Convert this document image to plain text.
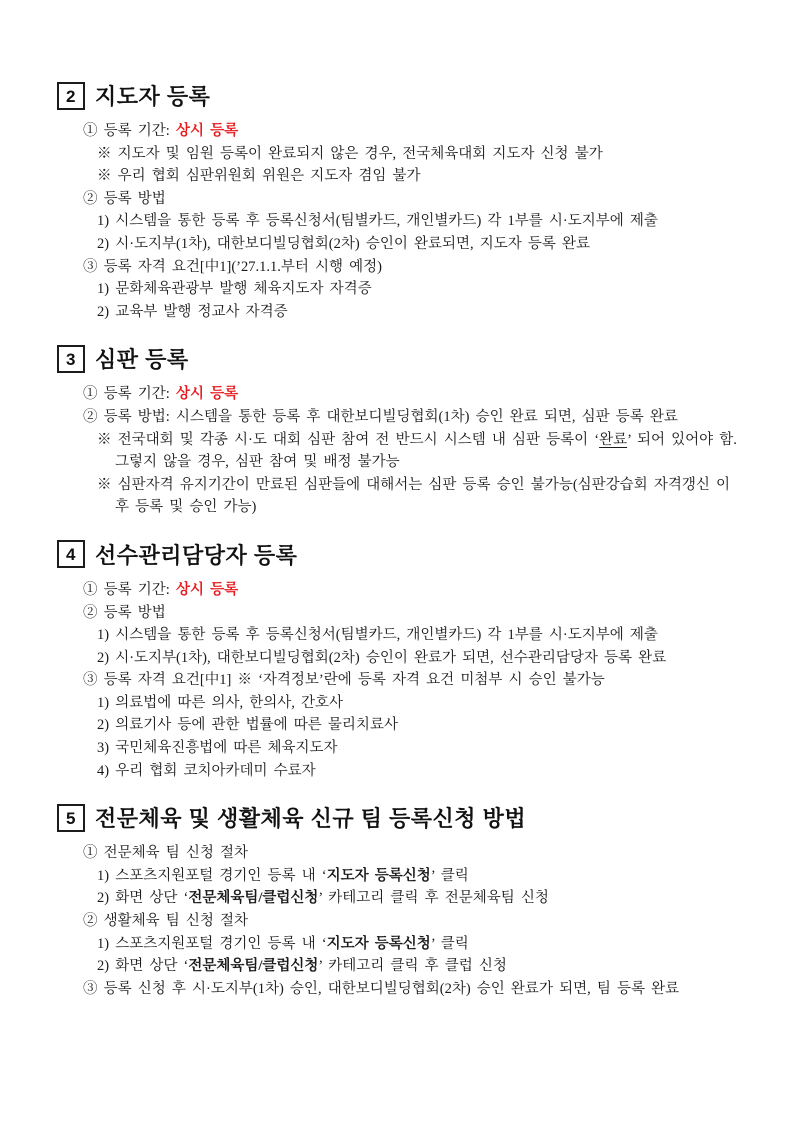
2 지도자 등록

① 등록 기간: 상시 등록

※ 지도자 및 임원 등록이 완료되지 않은 경우, 전국체육대회 지도자 신청 불가

※ 우리 협회 심판위원회 위원은 지도자 겸임 불가

② 등록 방법

1) 시스템을 통한 등록 후 등록신청서(팀별카드, 개인별카드) 각 1부를 시·도지부에 제출

2) 시·도지부(1차), 대한보디빌딩협회(2차) 승인이 완료되면, 지도자 등록 완료

③ 등록 자격 요건[中1](’27.1.1.부터 시행 예정)

1) 문화체육관광부 발행 체육지도자 자격증

2) 교육부 발행 정교사 자격증

3 심판 등록

① 등록 기간: 상시 등록

② 등록 방법: 시스템을 통한 등록 후 대한보디빌딩협회(1차) 승인 완료 되면, 심판 등록 완료

※ 전국대회 및 각종 시·도 대회 심판 참여 전 반드시 시스템 내 심판 등록이 ‘완료’ 되어 있어야 함. 그렇지 않을 경우, 심판 참여 및 배정 불가능

※ 심판자격 유지기간이 만료된 심판들에 대해서는 심판 등록 승인 불가능(심판강습회 자격갱신 이후 등록 및 승인 가능)

4 선수관리담당자 등록

① 등록 기간: 상시 등록

② 등록 방법

1) 시스템을 통한 등록 후 등록신청서(팀별카드, 개인별카드) 각 1부를 시·도지부에 제출

2) 시·도지부(1차), 대한보디빌딩협회(2차) 승인이 완료가 되면, 선수관리담당자 등록 완료

③ 등록 자격 요건[中1] ※ ‘자격정보’란에 등록 자격 요건 미첨부 시 승인 불가능

1) 의료법에 따른 의사, 한의사, 간호사

2) 의료기사 등에 관한 법률에 따른 물리치료사

3) 국민체육진흥법에 따른 체육지도자

4) 우리 협회 코치아카데미 수료자

5 전문체육 및 생활체육 신규 팀 등록신청 방법

① 전문체육 팀 신청 절차

1) 스포츠지원포털 경기인 등록 내 ‘지도자 등록신청’ 클릭

2) 화면 상단 ‘전문체육팀/클럽신청’ 카테고리 클릭 후 전문체육팀 신청

② 생활체육 팀 신청 절차

1) 스포츠지원포털 경기인 등록 내 ‘지도자 등록신청’ 클릭

2) 화면 상단 ‘전문체육팀/클럽신청’ 카테고리 클릭 후 클럽 신청

③ 등록 신청 후 시·도지부(1차) 승인, 대한보디빌딩협회(2차) 승인 완료가 되면, 팀 등록 완료
